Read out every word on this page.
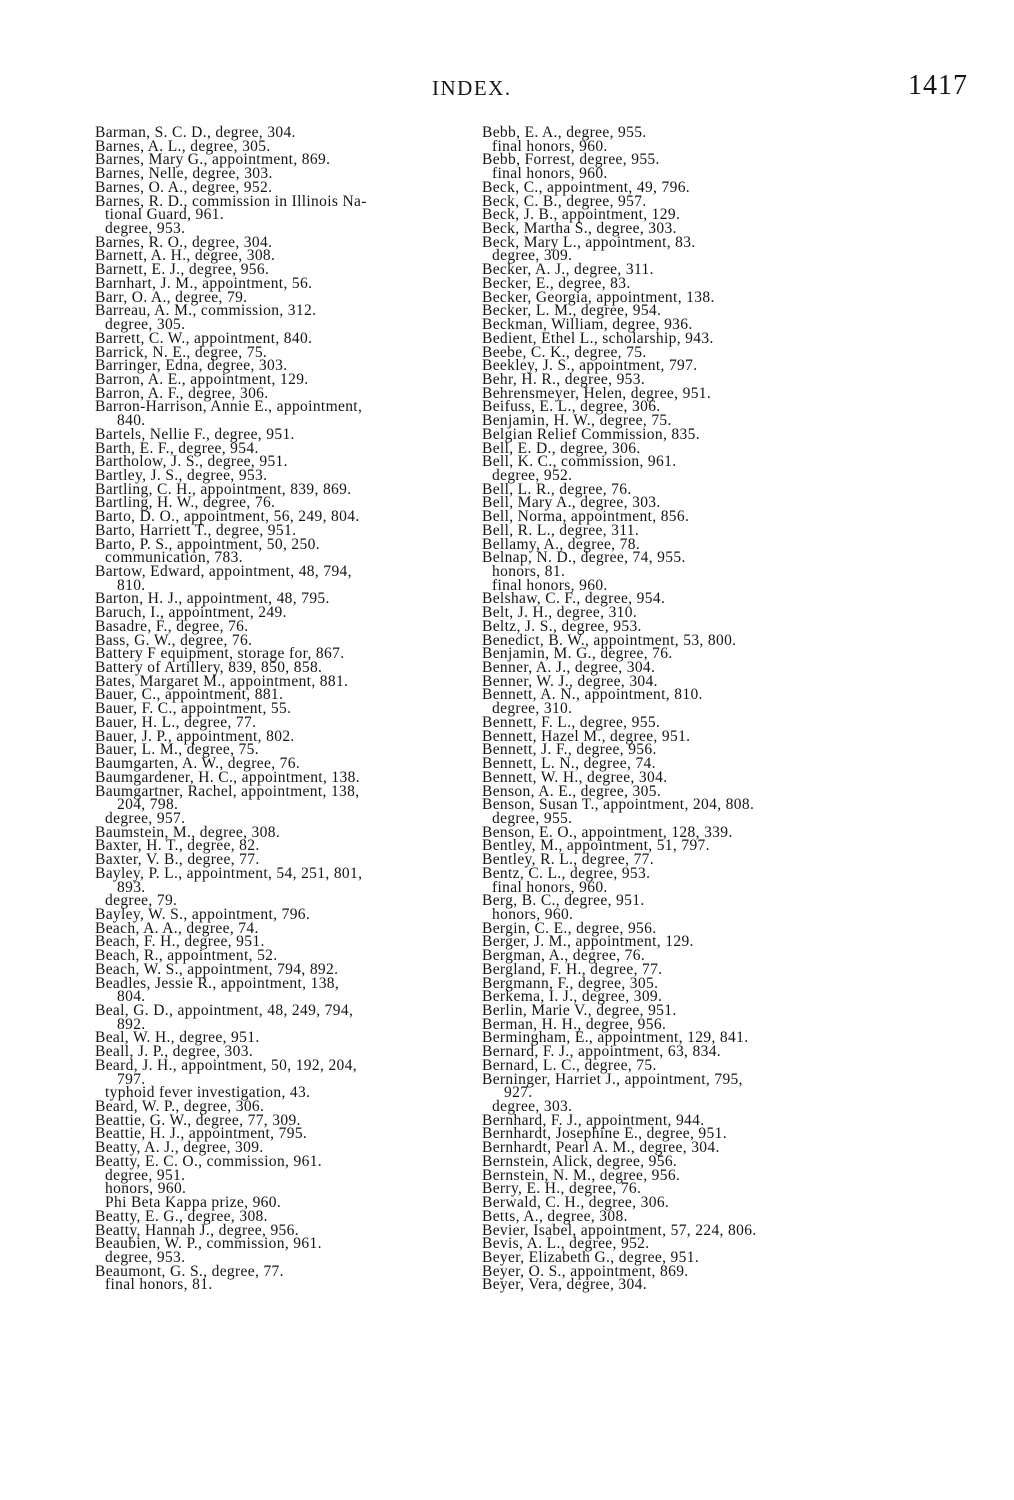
INDEX.	1417
Barman, S. C. D., degree, 304.
Barnes, A. L., degree, 305.
Barnes, Mary G., appointment, 869.
Barnes, Nelle, degree, 303.
Barnes, O. A., degree, 952.
Barnes, R. D., commission in Illinois Na-
tional Guard, 961.
degree, 953.
Barnes, R. O., degree, 304.
Barnett, A. H., degree, 308.
Barnett, E. J., degree, 956.
Barnhart, J. M., appointment, 56.
Barr, O. A., degree, 79.
Barreau, A. M., commission, 312.
degree, 305.
Barrett, C. W., appointment, 840.
Barrick, N. E., degree, 75.
Barringer, Edna, degree, 303.
Barron, A. E., appointment, 129.
Barron, A. F., degree, 306.
Barron-Harrison, Annie E., appointment,
840.
Bartels, Nellie F., degree, 951.
Barth, E. F., degree, 954.
Bartholow, J. S., degree, 951.
Bartley, J. S., degree, 953.
Bartling, C. H., appointment, 839, 869.
Bartling, H. W., degree, 76.
Barto, D. O., appointment, 56, 249, 804.
Barto, Harriett T., degree, 951.
Barto, P. S., appointment, 50, 250.
communication, 783.
Bartow, Edward, appointment, 48, 794,
810.
Barton, H. J., appointment, 48, 795.
Baruch, I., appointment, 249.
Basadre, F., degree, 76.
Bass, G. W., degree, 76.
Battery F equipment, storage for, 867.
Battery of Artillery, 839, 850, 858.
Bates, Margaret M., appointment, 881.
Bauer, C., appointment, 881.
Bauer, F. C., appointment, 55.
Bauer, H. L., degree, 77.
Bauer, J. P., appointment, 802.
Bauer, L. M., degree, 75.
Baumgarten, A. W., degree, 76.
Baumgardener, H. C., appointment, 138.
Baumgartner, Rachel, appointment, 138,
204, 798.
degree, 957.
Baumstein, M., degree, 308.
Baxter, H. T., degree, 82.
Baxter, V. B., degree, 77.
Bayley, P. L., appointment, 54, 251, 801,
893.
degree, 79.
Bayley, W. S., appointment, 796.
Beach, A. A., degree, 74.
Beach, F. H., degree, 951.
Beach, R., appointment, 52.
Beach, W. S., appointment, 794, 892.
Beadles, Jessie R., appointment, 138,
804.
Beal, G. D., appointment, 48, 249, 794,
892.
Beal, W. H., degree, 951.
Beall, J. P., degree, 303.
Beard, J. H., appointment, 50, 192, 204,
797.
typhoid fever investigation, 43.
Beard, W. P., degree, 306.
Beattie, G. W., degree, 77, 309.
Beattie, H. J., appointment, 795.
Beatty, A. J., degree, 309.
Beatty, E. C. O., commission, 961.
degree, 951.
honors, 960.
Phi Beta Kappa prize, 960.
Beatty, E. G., degree, 308.
Beatty, Hannah J., degree, 956.
Beaubien, W. P., commission, 961.
degree, 953.
Beaumont, G. S., degree, 77.
final honors, 81.
Bebb, E. A., degree, 955.
final honors, 960.
Bebb, Forrest, degree, 955.
final honors, 960.
Beck, C., appointment, 49, 796.
Beck, C. B., degree, 957.
Beck, J. B., appointment, 129.
Beck, Martha S., degree, 303.
Beck, Mary L., appointment, 83.
degree, 309.
Becker, A. J., degree, 311.
Becker, E., degree, 83.
Becker, Georgia, appointment, 138.
Becker, L. M., degree, 954.
Beckman, William, degree, 936.
Bedient, Ethel L., scholarship, 943.
Beebe, C. K., degree, 75.
Beekley, J. S., appointment, 797.
Behr, H. R., degree, 953.
Behrensmeyer, Helen, degree, 951.
Beifuss, E. L., degree, 306.
Benjamin, H. W., degree, 75.
Belgian Relief Commission, 835.
Bell, E. D., degree, 306.
Bell, K. C., commission, 961.
degree, 952.
Bell, L. R., degree, 76.
Bell, Mary A., degree, 303.
Bell, Norma, appointment, 856.
Bell, R. L., degree, 311.
Bellamy, A., degree, 78.
Belnap, N. D., degree, 74, 955.
honors, 81.
final honors, 960.
Belshaw, C. F., degree, 954.
Belt, J. H., degree, 310.
Beltz, J. S., degree, 953.
Benedict, B. W., appointment, 53, 800.
Benjamin, M. G., degree, 76.
Benner, A. J., degree, 304.
Benner, W. J., degree, 304.
Bennett, A. N., appointment, 810.
degree, 310.
Bennett, F. L., degree, 955.
Bennett, Hazel M., degree, 951.
Bennett, J. F., degree, 956.
Bennett, L. N., degree, 74.
Bennett, W. H., degree, 304.
Benson, A. E., degree, 305.
Benson, Susan T., appointment, 204, 808.
degree, 955.
Benson, E. O., appointment, 128, 339.
Bentley, M., appointment, 51, 797.
Bentley, R. L., degree, 77.
Bentz, C. L., degree, 953.
final honors, 960.
Berg, B. C., degree, 951.
honors, 960.
Bergin, C. E., degree, 956.
Berger, J. M., appointment, 129.
Bergman, A., degree, 76.
Bergland, F. H., degree, 77.
Bergmann, F., degree, 305.
Berkema, I. J., degree, 309.
Berlin, Marie V., degree, 951.
Berman, H. H., degree, 956.
Bermingham, E., appointment, 129, 841.
Bernard, F. J., appointment, 63, 834.
Bernard, L. C., degree, 75.
Berninger, Harriet J., appointment, 795,
927.
degree, 303.
Bernhard, F. J., appointment, 944.
Bernhardt, Josephine E., degree, 951.
Bernhardt, Pearl A. M., degree, 304.
Bernstein, Alick, degree, 956.
Bernstein, N. M., degree, 956.
Berry, E. H., degree, 76.
Berwald, C. H., degree, 306.
Betts, A., degree, 308.
Bevier, Isabel, appointment, 57, 224, 806.
Bevis, A. L., degree, 952.
Beyer, Elizabeth G., degree, 951.
Beyer, O. S., appointment, 869.
Beyer, Vera, degree, 304.
